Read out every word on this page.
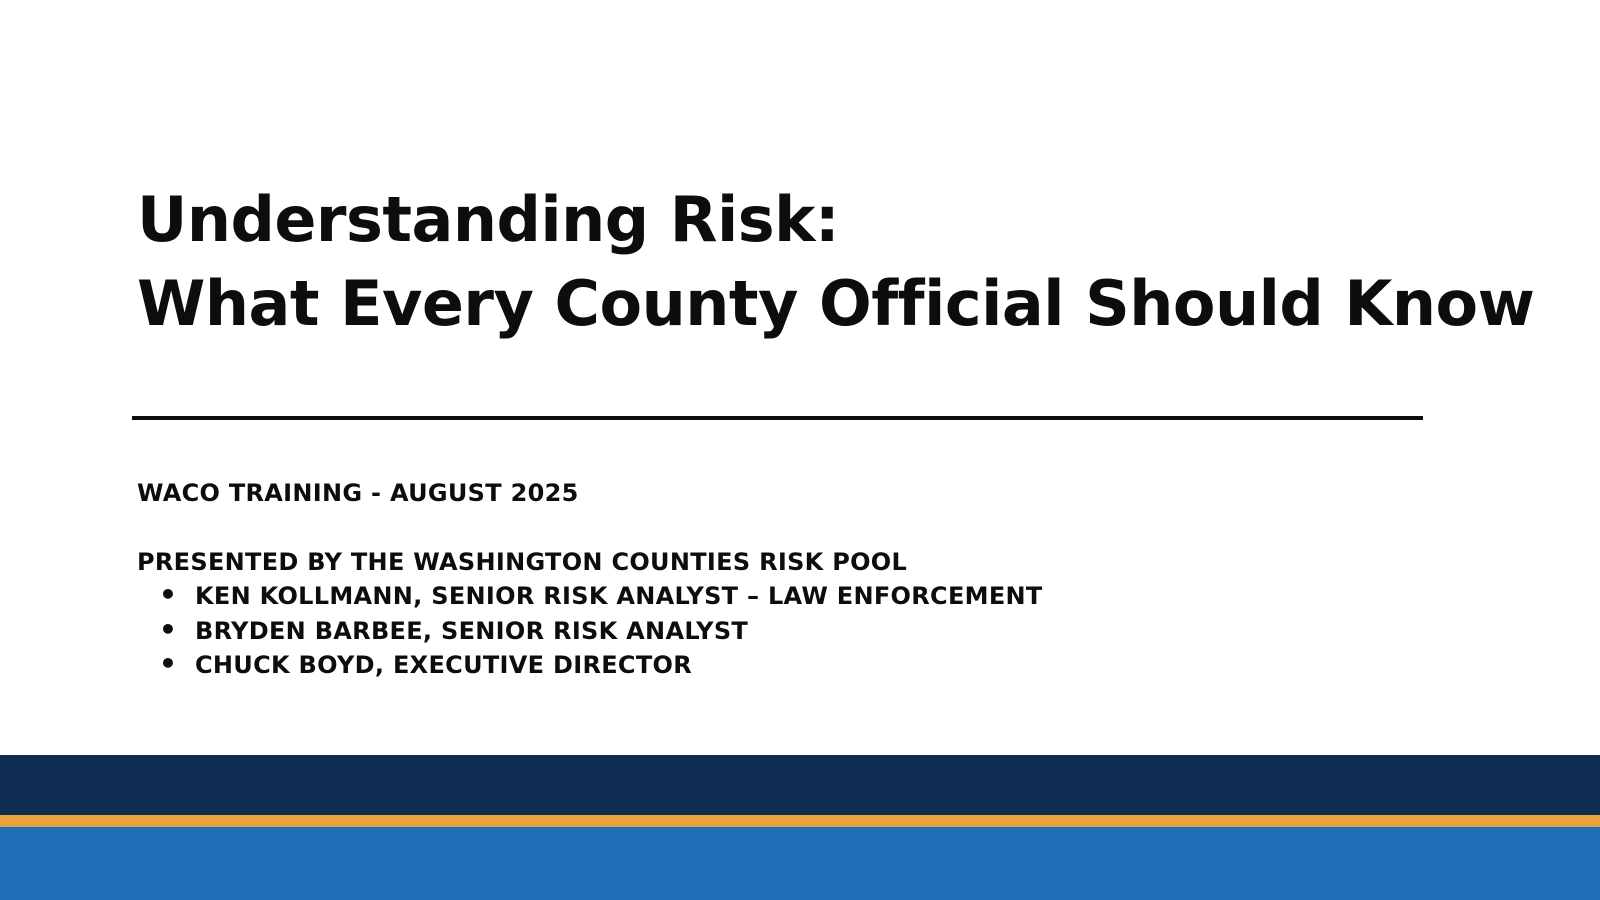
Understanding Risk:
What Every County Official Should Know
WACO TRAINING - AUGUST 2025
PRESENTED BY THE WASHINGTON COUNTIES RISK POOL
• KEN KOLLMANN, SENIOR RISK ANALYST – LAW ENFORCEMENT
• BRYDEN BARBEE, SENIOR RISK ANALYST
• CHUCK BOYD, EXECUTIVE DIRECTOR
